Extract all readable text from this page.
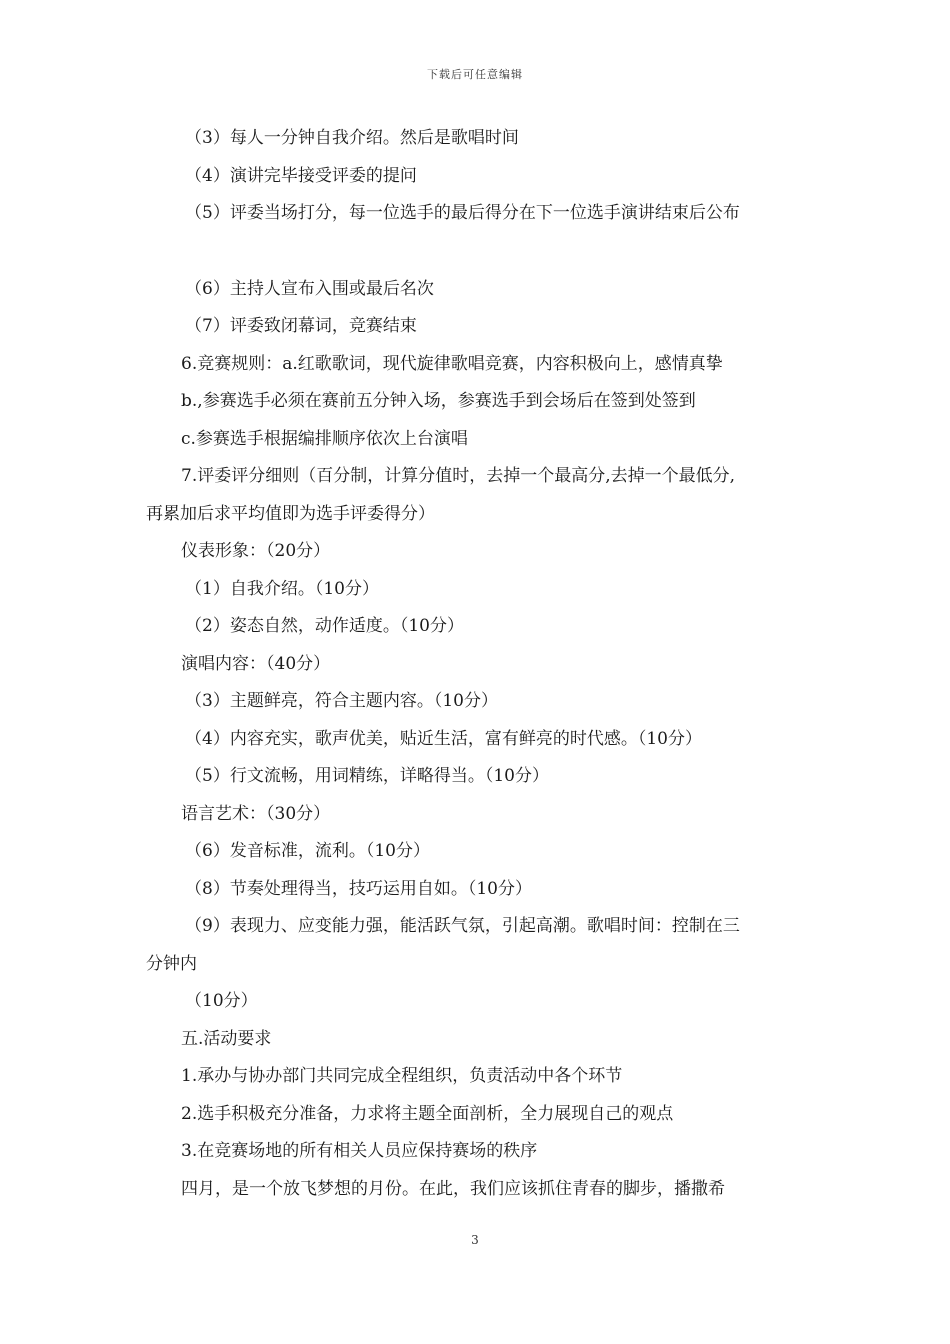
下载后可任意编辑
（3）每人一分钟自我介绍。然后是歌唱时间
（4）演讲完毕接受评委的提问
（5）评委当场打分，每一位选手的最后得分在下一位选手演讲结束后公布
（6）主持人宣布入围或最后名次
（7）评委致闭幕词，竞赛结束
6.竞赛规则：a.红歌歌词，现代旋律歌唱竞赛，内容积极向上，感情真挚
b.,参赛选手必须在赛前五分钟入场，参赛选手到会场后在签到处签到
c.参赛选手根据编排顺序依次上台演唱
7.评委评分细则（百分制，计算分值时，去掉一个最高分,去掉一个最低分,
再累加后求平均值即为选手评委得分）
仪表形象：（20分）
（1）自我介绍。（10分）
（2）姿态自然，动作适度。（10分）
演唱内容：（40分）
（3）主题鲜亮，符合主题内容。（10分）
（4）内容充实，歌声优美，贴近生活，富有鲜亮的时代感。（10分）
（5）行文流畅，用词精练，详略得当。（10分）
语言艺术：（30分）
（6）发音标准，流利。（10分）
（8）节奏处理得当，技巧运用自如。（10分）
（9）表现力、应变能力强，能活跃气氛，引起高潮。歌唱时间：控制在三
分钟内
（10分）
五.活动要求
1.承办与协办部门共同完成全程组织，负责活动中各个环节
2.选手积极充分准备，力求将主题全面剖析，全力展现自己的观点
3.在竞赛场地的所有相关人员应保持赛场的秩序
四月，是一个放飞梦想的月份。在此，我们应该抓住青春的脚步，播撒希
3
